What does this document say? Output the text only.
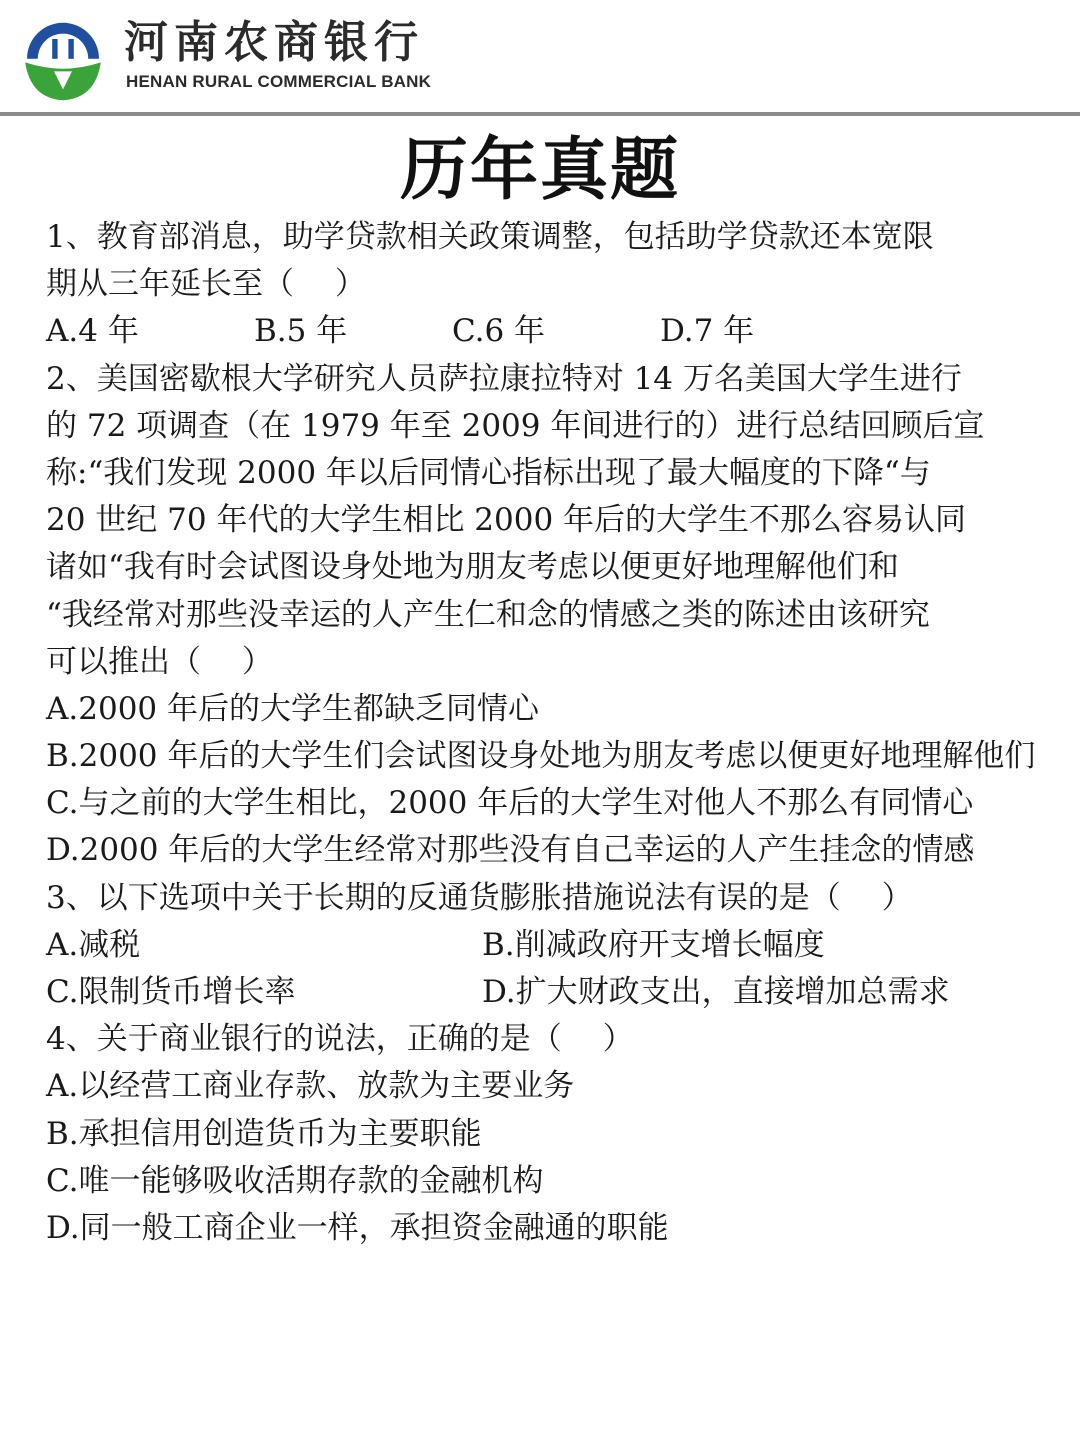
河南农商银行
HENAN RURAL COMMERCIAL BANK
历年真题
1、教育部消息，助学贷款相关政策调整，包括助学贷款还本宽限
期从三年延长至（　 ）
A.4 年	B.5 年	C.6 年	D.7 年
2、美国密歇根大学研究人员萨拉康拉特对 14 万名美国大学生进行
的 72 项调查（在 1979 年至 2009 年间进行的）进行总结回顾后宣
称:“我们发现 2000 年以后同情心指标出现了最大幅度的下降“与
20 世纪 70 年代的大学生相比 2000 年后的大学生不那么容易认同
诸如“我有时会试图设身处地为朋友考虑以便更好地理解他们和
“我经常对那些没幸运的人产生仁和念的情感之类的陈述由该研究
可以推出（　 ）
A.2000 年后的大学生都缺乏同情心
B.2000 年后的大学生们会试图设身处地为朋友考虑以便更好地理解他们
C.与之前的大学生相比，2000 年后的大学生对他人不那么有同情心
D.2000 年后的大学生经常对那些没有自己幸运的人产生挂念的情感
3、以下选项中关于长期的反通货膨胀措施说法有误的是（　 ）
A.减税	B.削减政府开支增长幅度
C.限制货币增长率	D.扩大财政支出，直接增加总需求
4、关于商业银行的说法，正确的是（　 ）
A.以经营工商业存款、放款为主要业务
B.承担信用创造货币为主要职能
C.唯一能够吸收活期存款的金融机构
D.同一般工商企业一样，承担资金融通的职能
